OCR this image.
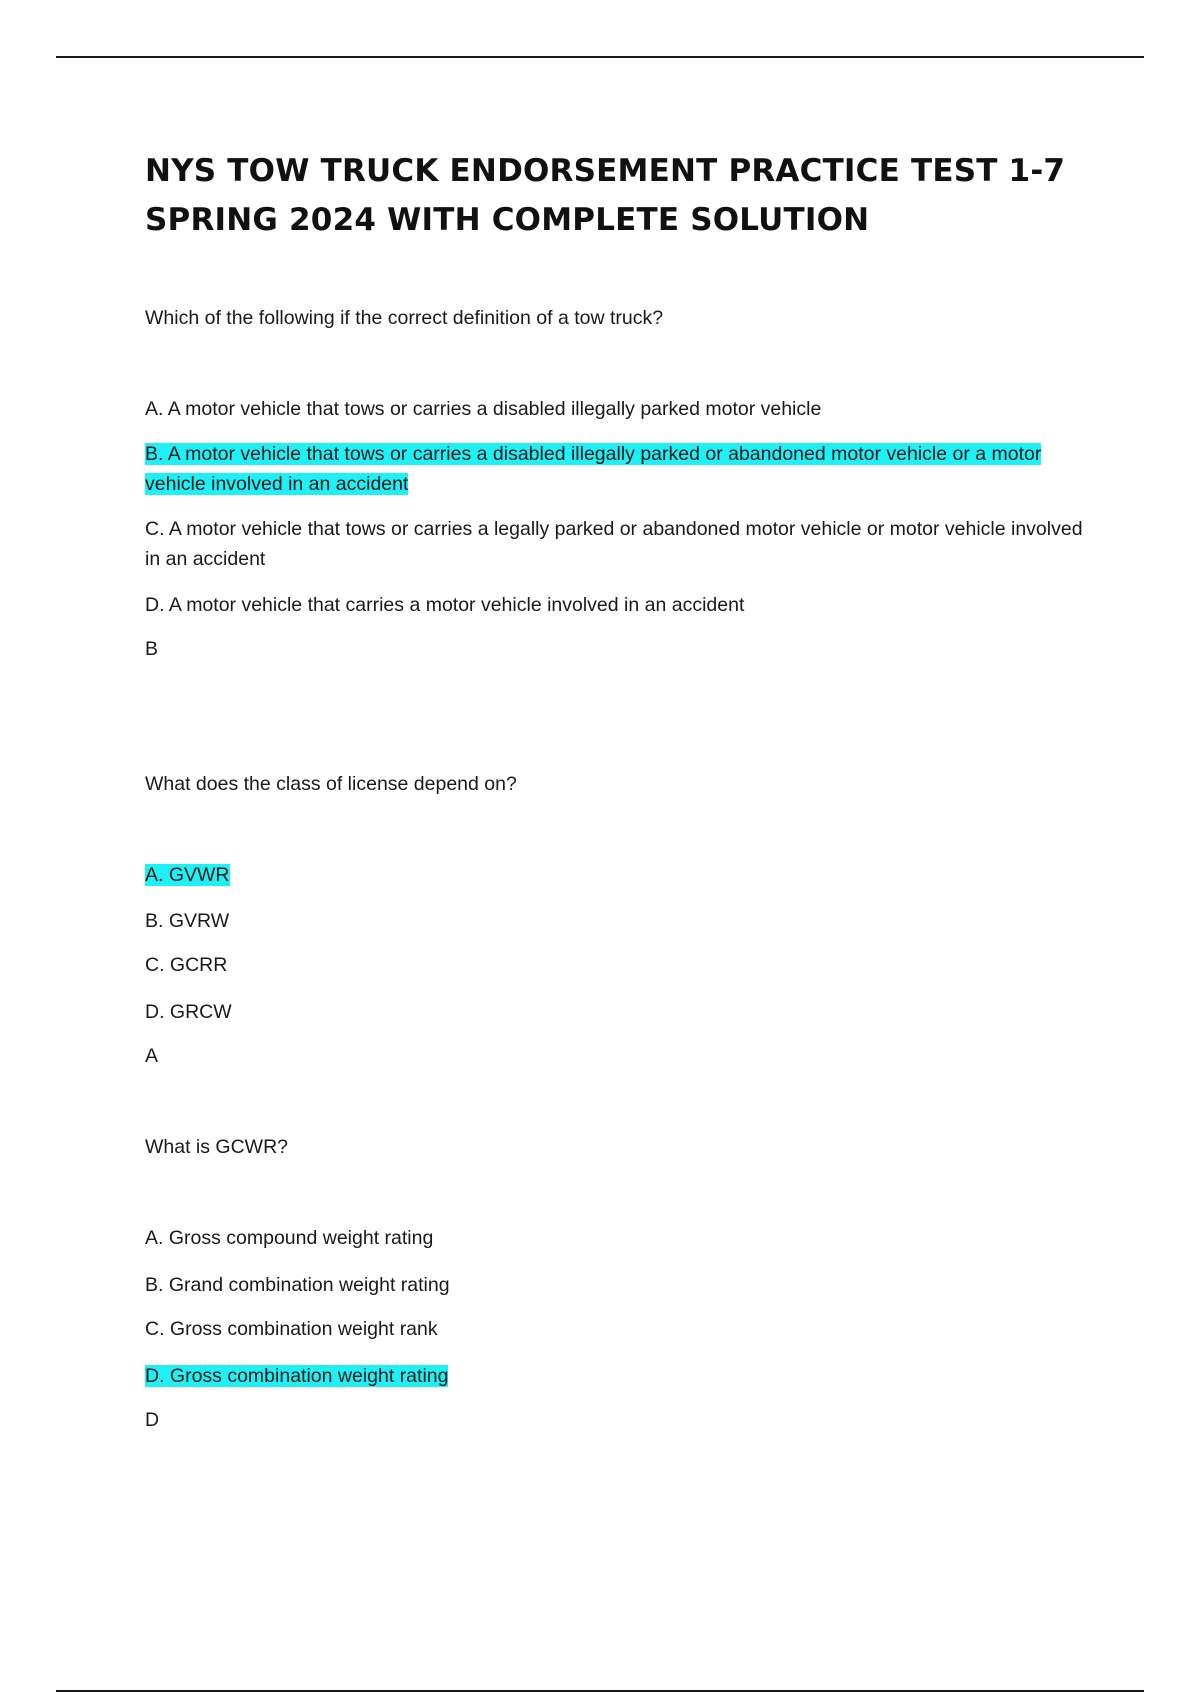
NYS TOW TRUCK ENDORSEMENT PRACTICE TEST 1-7 SPRING 2024 WITH COMPLETE SOLUTION

Which of the following if the correct definition of a tow truck?

A. A motor vehicle that tows or carries a disabled illegally parked motor vehicle

B. A motor vehicle that tows or carries a disabled illegally parked or abandoned motor vehicle or a motor vehicle involved in an accident

C. A motor vehicle that tows or carries a legally parked or abandoned motor vehicle or motor vehicle involved in an accident

D. A motor vehicle that carries a motor vehicle involved in an accident

B

What does the class of license depend on?

A. GVWR

B. GVRW

C. GCRR

D. GRCW

A

What is GCWR?

A. Gross compound weight rating

B. Grand combination weight rating

C. Gross combination weight rank

D. Gross combination weight rating

D
